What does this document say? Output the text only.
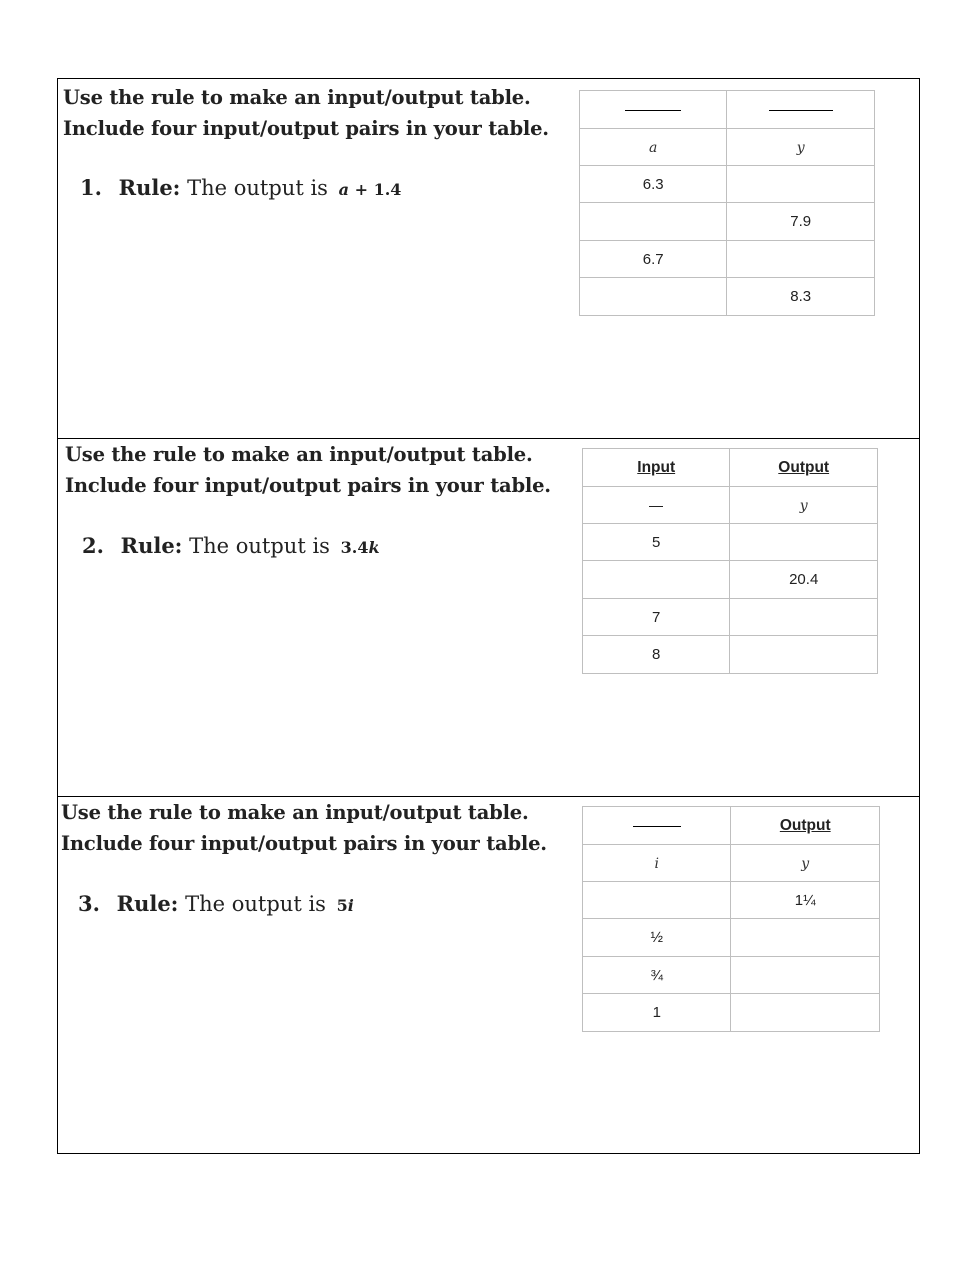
Use the rule to make an input/output table.
Include four input/output pairs in your table.
1. Rule: The output is a + 1.4

a	y
6.3	
	7.9
6.7	
	8.3
Use the rule to make an input/output table.
Include four input/output pairs in your table.
2. Rule: The output is 3.4k
Input	Output
	y
5	
	20.4
7	
8	
Use the rule to make an input/output table.
Include four input/output pairs in your table.
3. Rule: The output is 5i
	Output
i	y
	1¼
½	
¾	
1	
